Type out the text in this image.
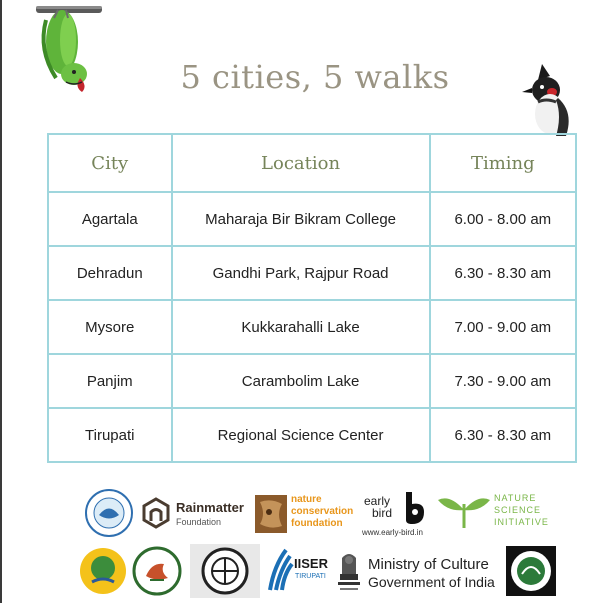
5 cities, 5 walks
City	Location	Timing
Agartala	Maharaja Bir Bikram College	6.00 - 8.00 am
Dehradun	Gandhi Park, Rajpur Road	6.30 - 8.30 am
Mysore	Kukkarahalli Lake	7.00 - 9.00 am
Panjim	Carambolim Lake	7.30 - 9.00 am
Tirupati	Regional Science Center	6.30 - 8.30 am
Rainmatter
Foundation
nature
conservation
foundation
early
bird
www.early-bird.in
NATURE
SCIENCE
INITIATIVE
IISER
TIRUPATI
Ministry of Culture
Government of India
